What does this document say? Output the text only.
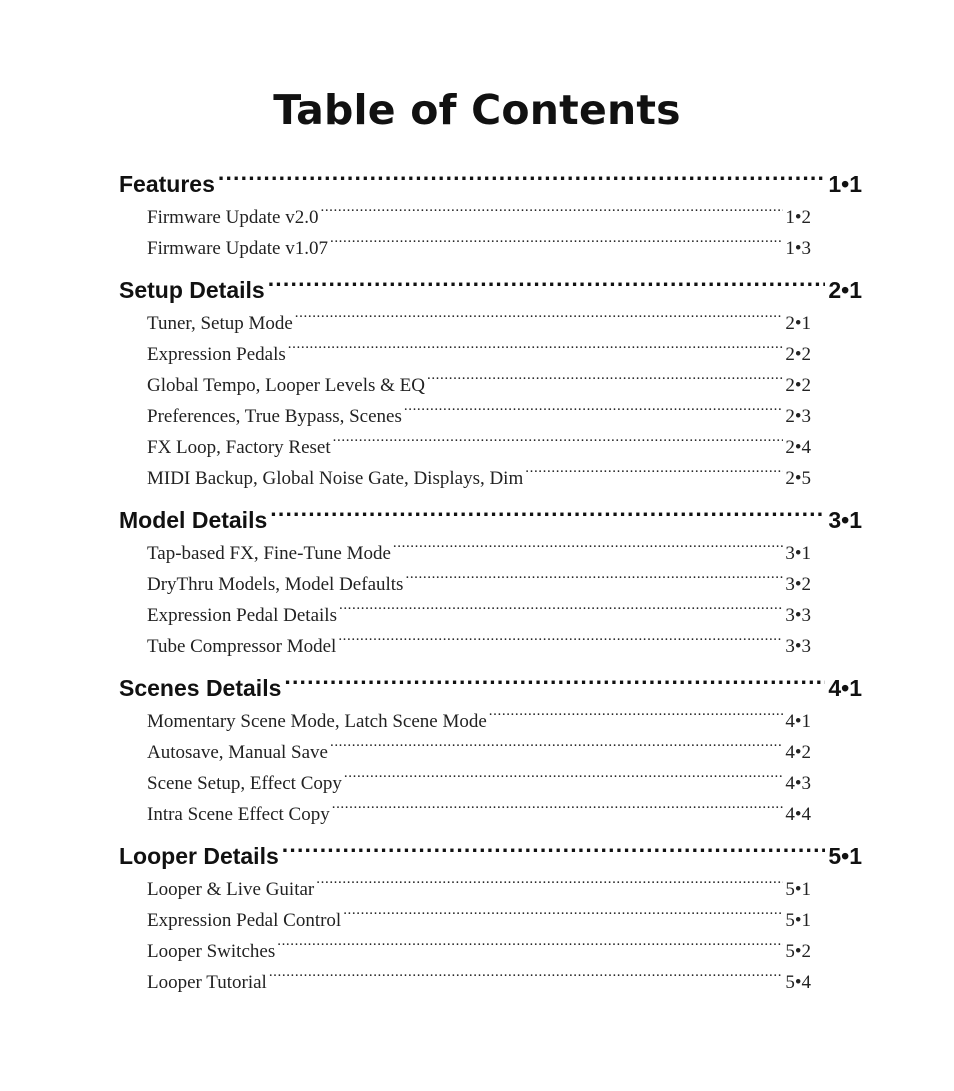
Table of Contents
Features .....	1•1
Firmware Update v2.0 .....	1•2
Firmware Update v1.07 .....	1•3
Setup Details .....	2•1
Tuner, Setup Mode .....	2•1
Expression Pedals .....	2•2
Global Tempo, Looper Levels & EQ .....	2•2
Preferences, True Bypass, Scenes .....	2•3
FX Loop, Factory Reset .....	2•4
MIDI Backup, Global Noise Gate, Displays, Dim .....	2•5
Model Details .....	3•1
Tap-based FX, Fine-Tune Mode .....	3•1
DryThru Models, Model Defaults .....	3•2
Expression Pedal Details .....	3•3
Tube Compressor Model .....	3•3
Scenes Details .....	4•1
Momentary Scene Mode, Latch Scene Mode .....	4•1
Autosave, Manual Save .....	4•2
Scene Setup, Effect Copy .....	4•3
Intra Scene Effect Copy .....	4•4
Looper Details .....	5•1
Looper & Live Guitar .....	5•1
Expression Pedal Control .....	5•1
Looper Switches .....	5•2
Looper Tutorial .....	5•4
